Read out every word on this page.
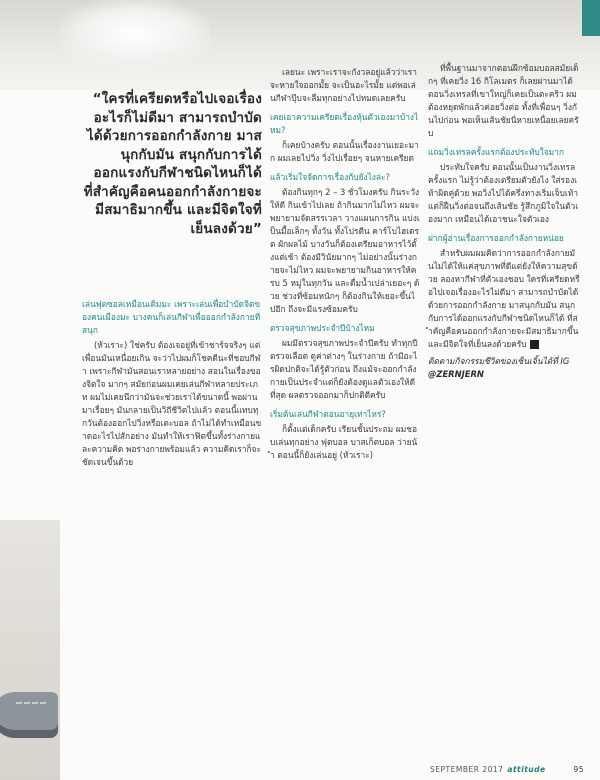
“ใครที่เครียดหรือไปเจอเรื่องอะไรก็ไม่ดีมา สามารถบำบัดได้ด้วยการออกกำลังกาย มาสนุกกับมัน สนุกกับการได้ออกแรงกับกีฬาชนิดไหนก็ได้ ที่สำคัญคือคนออกกำลังกายจะมีสมาธิมากขึ้น และมีจิตใจที่เย็นลงด้วย”

เล่นฟุตซอลเหมือนเดิมมะ เพราะเล่นเพื่อบำบัดจิตของคนเมืองมะ บางคนก็เล่นกีฬาเพื่อออกกำลังกายที่สนุก

(หัวเราะ) ใช่ครับ ต้องเจอยู่ที่เข้าชาร์จจริงๆ แต่เพื่อนมันเหนื่อยเกิน จะว่าไปผมก็โชคดีนะที่ชอบกีฬา เพราะกีฬามันสอนเราหลายอย่าง สอนในเรื่องของจิตใจ มากๆ สมัยก่อนผมเคยเล่นกีฬาหลายประเภท ผมไม่เคยนึกว่ามันจะช่วยเราได้ขนาดนี้ พอผ่านมาเรื่อยๆ มันกลายเป็นวิถีชีวิตไปแล้ว ตอนนี้แทบทุกวันต้องออกไปวิ่งหรือเตะบอล ถ้าไม่ได้ทำเหมือนขาดอะไรไปสักอย่าง มันทำให้เราฟิตขึ้นทั้งร่างกายและความคิด พอร่างกายพร้อมแล้ว ความคิดเราก็จะชัดเจนขึ้นด้วย

เลยนะ เพราะเราจะกังวลอยู่แล้วว่าเราจะหายใจออกมั้ย จะเป็นอะไรมั้ย แต่พอเล่นกีฬาปุ๊บจะลืมทุกอย่างไปหมดเลยครับ

เคยเอาความเครียดเรื่องหุ้นตัวเองมาบ้างไหม?

ก็เคยบ้างครับ ตอนนั้นเรื่องงานเยอะมาก ผมเลยไปวิ่ง วิ่งไปเรื่อยๆ จนหายเครียด

แล้วเริ่มใจจัดการเรื่องกับยังไงล่ะ?

ต้องกินทุกๆ 2 – 3 ชั่วโมงครับ กินระวังให้ดี กินเข้าไปเลย ถ้ากินมากไม่ไหว ผมจะพยายามจัดสรรเวลา วางแผนการกิน แบ่งเป็นมื้อเล็กๆ ทั้งวัน ทั้งโปรตีน คาร์โบไฮเดรต ผักผลไม้ บางวันก็ต้องเตรียมอาหารไว้ตั้งแต่เช้า ต้องมีวินัยมากๆ ไม่อย่างนั้นร่างกายจะไม่ไหว ผมจะพยายามกินอาหารให้ครบ 5 หมู่ในทุกวัน และดื่มน้ำเปล่าเยอะๆ ด้วย ช่วงที่ซ้อมหนักๆ ก็ต้องกินให้เยอะขึ้นไปอีก ถึงจะมีแรงซ้อมครับ

ตรวจสุขภาพประจำปีบ้างไหม

ผมมีตรวจสุขภาพประจำปีครับ ทำทุกปี ตรวจเลือด ดูค่าต่างๆ ในร่างกาย ถ้ามีอะไรผิดปกติจะได้รู้ตัวก่อน ถึงแม้จะออกกำลังกายเป็นประจำแต่ก็ยังต้องดูแลตัวเองให้ดีที่สุด ผลตรวจออกมาก็ปกติดีครับ

เริ่มต้นเล่นกีฬาตอนอายุเท่าไหร่?

ก็ตั้งแต่เด็กครับ เรียนชั้นประถม ผมชอบเล่นทุกอย่าง ฟุตบอล บาสเก็ตบอล ว่ายน้ำ ตอนนี้ก็ยังเล่นอยู่ (หัวเราะ)

ที่พื้นฐานมาจากตอนฝึกซ้อมบอลสมัยเด็กๆ ที่เคยวิ่ง 16 กิโลเมตร ก็เลยผ่านมาได้ ตอนวิ่งเทรลที่เขาใหญ่ก็เคยเป็นตะคริว ผมต้องหยุดพักแล้วค่อยวิ่งต่อ ทั้งที่เพื่อนๆ วิ่งกันไปก่อน พอเห็นเส้นชัยนี่หายเหนื่อยเลยครับ

แถมวิ่งเทรลครั้งแรกต้องประทับใจมาก

ประทับใจครับ ตอนนั้นเป็นงานวิ่งเทรลครั้งแรก ไม่รู้ว่าต้องเตรียมตัวยังไง ใส่รองเท้าผิดคู่ด้วย พอวิ่งไปได้ครึ่งทางเริ่มเจ็บเท้า แต่ก็ฝืนวิ่งต่อจนถึงเส้นชัย รู้สึกภูมิใจในตัวเองมาก เหมือนได้เอาชนะใจตัวเอง

ฝากผู้อ่านเรื่องการออกกำลังกายหน่อย

สำหรับผมผมคิดว่าการออกกำลังกายมันไม่ได้ให้แค่สุขภาพที่ดีแต่ยังให้ความสุขด้วย ลองหากีฬาที่ตัวเองชอบ ใครที่เครียดหรือไปเจอเรื่องอะไรไม่ดีมา สามารถบำบัดได้ด้วยการออกกำลังกาย มาสนุกกับมัน สนุกกับการได้ออกแรงกับกีฬาชนิดไหนก็ได้ ที่สำคัญคือคนออกกำลังกายจะมีสมาธิมากขึ้น และมีจิตใจที่เย็นลงด้วยครับ a

ติดตามกิจกรรมชีวิตของเซ็นเจิ้นได้ที่ IG @ZERNJERN

SEPTEMBER 2017 attitude	95
